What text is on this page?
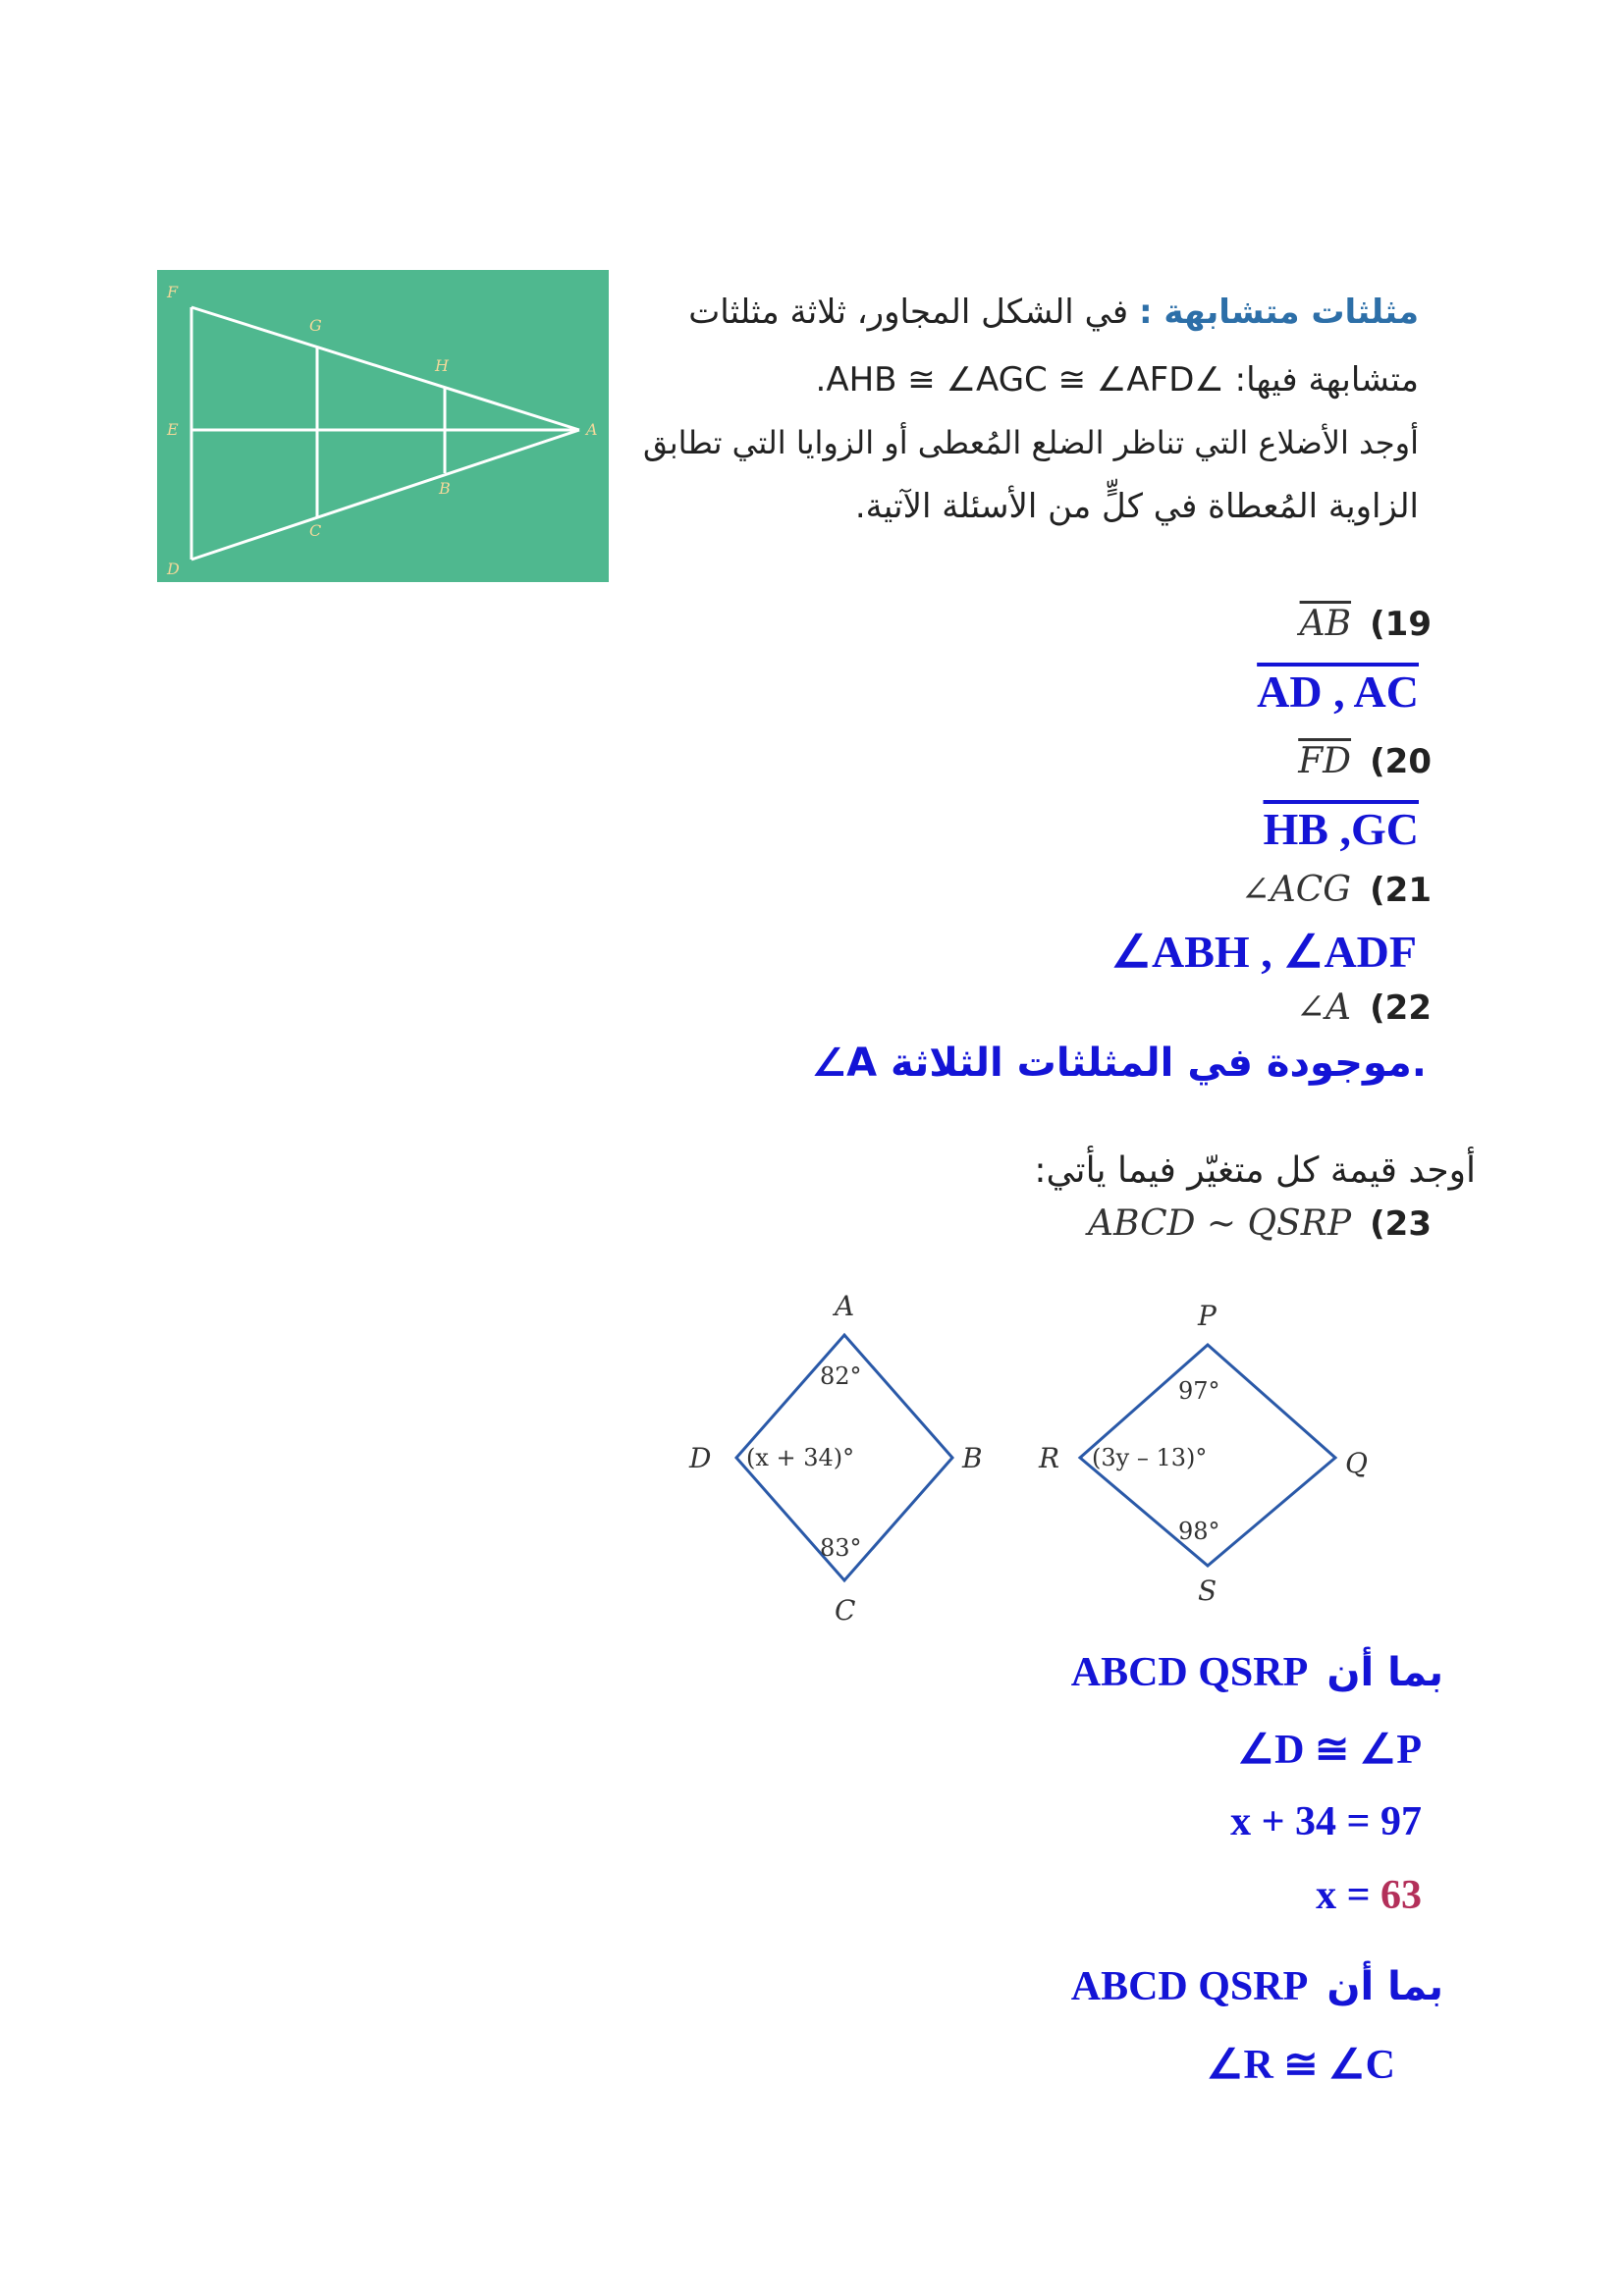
F
G
H
E	A
B
C
D
مثلثات متشابهة : في الشكل المجاور، ثلاثة مثلثات
متشابهة فيها: ∠AHB ≅ ∠AGC ≅ ∠AFD.
أوجد الأضلاع التي تناظر الضلع المُعطى أو الزوايا التي تطابق
الزاوية المُعطاة في كلٍّ من الأسئلة الآتية.
$\overline{AB}$ (19
AD , AC
$\overline{FD}$ (20
HB ,GC
∠ACG (21
∠ABH , ∠ADF
∠A (22
∠A موجودة في المثلثات الثلاثة.
أوجد قيمة كل متغيّر فيما يأتي:
ABCD ~ QSRP (23
A
D	B
C
P
R	Q
S
82°
(x + 34)°
83°
97°
(3y – 13)°
98°
ABCD QSRP بما أن
∠D ≅ ∠P
x + 34 = 97
x = 63
ABCD QSRP بما أن
∠R ≅ ∠C
